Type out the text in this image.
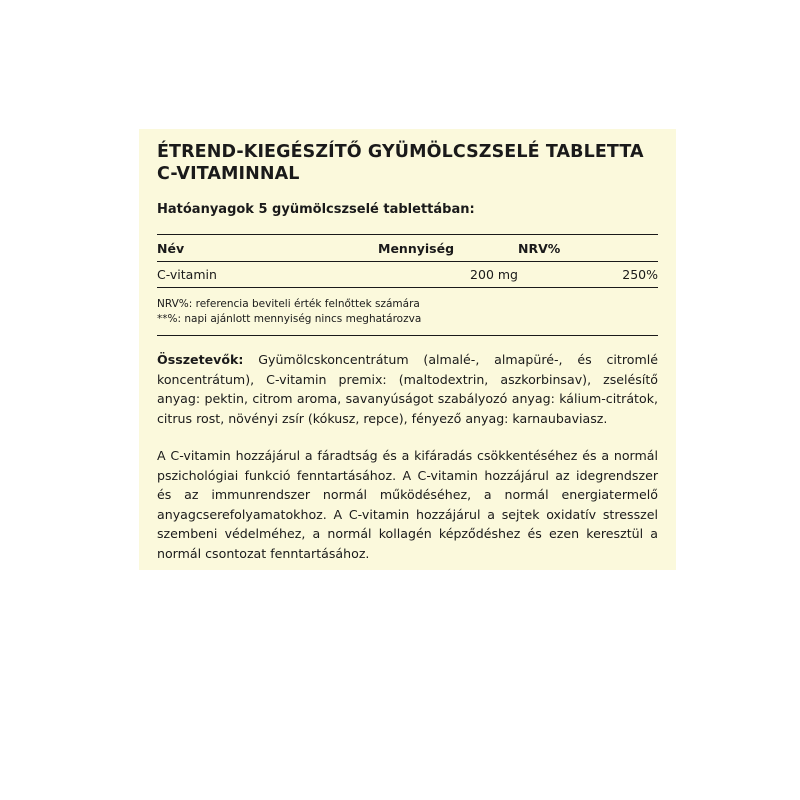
ÉTREND-KIEGÉSZÍTŐ GYÜMÖLCSZSELÉ TABLETTA
C-VITAMINNAL
Hatóanyagok 5 gyümölcszselé tablettában:
Név	Mennyiség	NRV%
C-vitamin	200 mg	250%
NRV%: referencia beviteli érték felnőttek számára
**%: napi ajánlott mennyiség nincs meghatározva

Összetevők: Gyümölcskoncentrátum (almalé-, almapüré-, és citromlé koncentrátum), C-vitamin premix: (maltodextrin, aszkorbinsav), zselésítő anyag: pektin, citrom aroma, savanyúságot szabályozó anyag: kálium-citrátok, citrus rost, növényi zsír (kókusz, repce), fényező anyag: karnaubaviasz.

A C-vitamin hozzájárul a fáradtság és a kifáradás csökkentéséhez és a normál pszichológiai funkció fenntartásához. A C-vitamin hozzájárul az idegrendszer és az immunrendszer normál működéséhez, a normál energiatermelő anyagcserefolyamatokhoz. A C-vitamin hozzájárul a sejtek oxidatív stresszel szembeni védelméhez, a normál kollagén képződéshez és ezen keresztül a normál csontozat fenntartásához.
